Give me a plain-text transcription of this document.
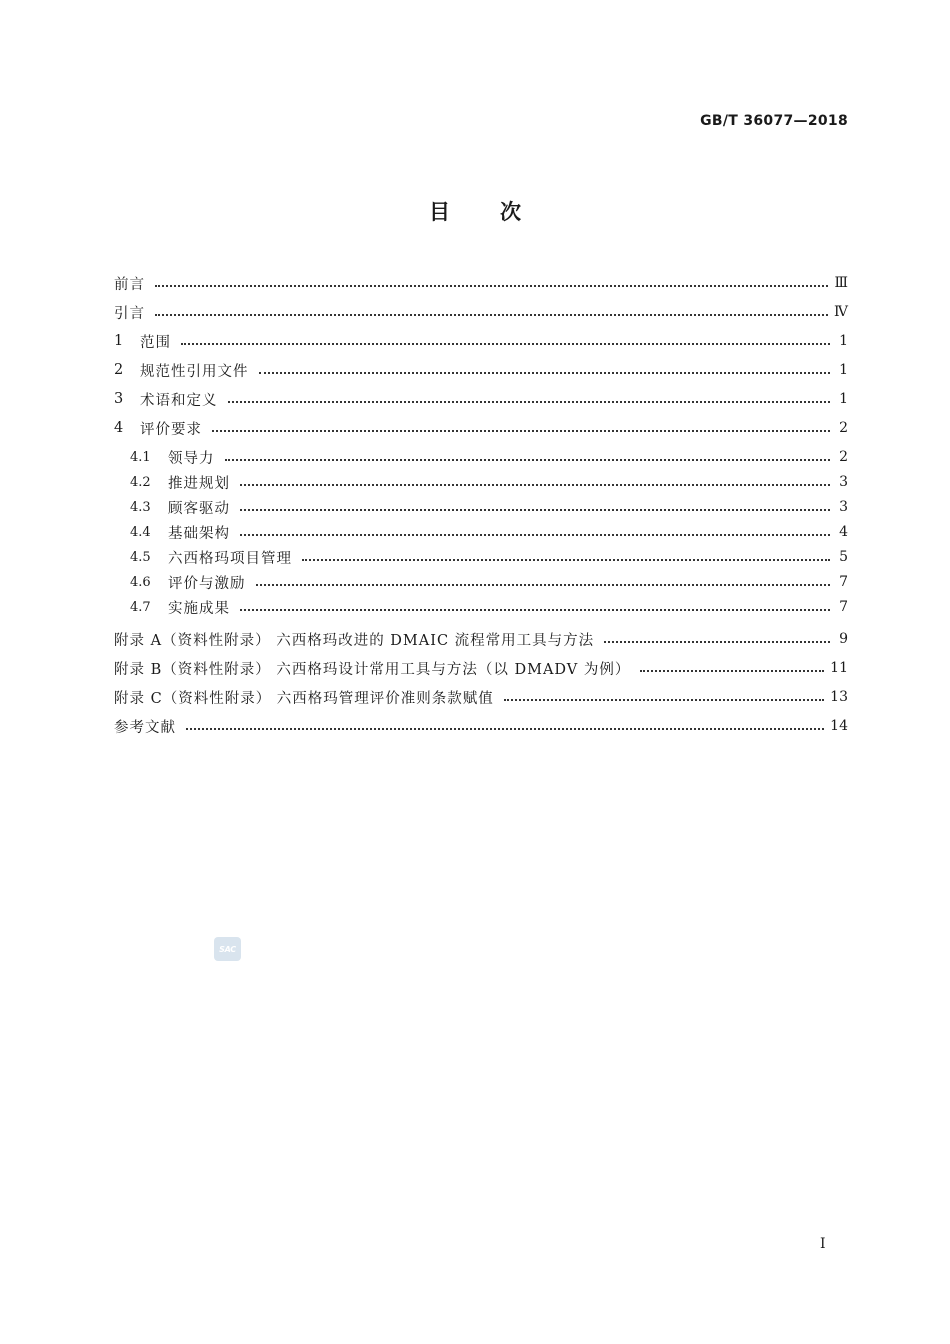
GB/T 36077—2018
目次
前言	Ⅲ
引言	Ⅳ
1	范围	1
2	规范性引用文件	1
3	术语和定义	1
4	评价要求	2
4.1	领导力	2
4.2	推进规划	3
4.3	顾客驱动	3
4.4	基础架构	4
4.5	六西格玛项目管理	5
4.6	评价与激励	7
4.7	实施成果	7
附录 A（资料性附录） 六西格玛改进的 DMAIC 流程常用工具与方法	9
附录 B（资料性附录） 六西格玛设计常用工具与方法（以 DMADV 为例）	11
附录 C（资料性附录） 六西格玛管理评价准则条款赋值	13
参考文献	14
SAC
Ⅰ
